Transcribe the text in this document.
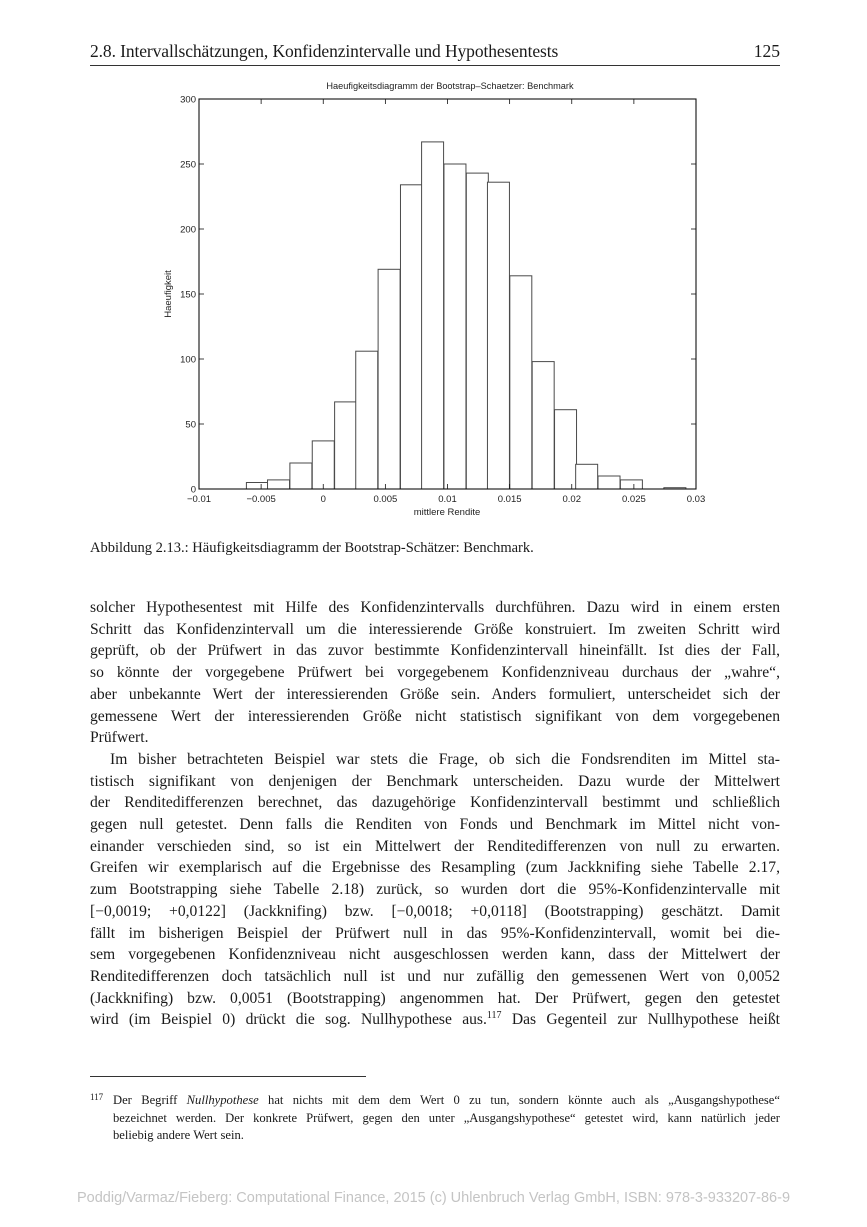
2.8. Intervallschätzungen, Konfidenzintervalle und Hypothesentests	125
Haeufigkeitsdiagramm der Bootstrap–Schaetzer: Benchmark
−0.01	−0.005	0	0.005	0.01	0.015	0.02	0.025	0.03
0
50
100
150
200
250
300
mittlere Rendite
Haeufigkeit
Abbildung 2.13.: Häufigkeitsdiagramm der Bootstrap-Schätzer: Benchmark.

solcher Hypothesentest mit Hilfe des Konfidenzintervalls durchführen. Dazu wird in einem ersten
Schritt das Konfidenzintervall um die interessierende Größe konstruiert. Im zweiten Schritt wird
geprüft, ob der Prüfwert in das zuvor bestimmte Konfidenzintervall hineinfällt. Ist dies der Fall,
so könnte der vorgegebene Prüfwert bei vorgegebenem Konfidenzniveau durchaus der „wahre“,
aber unbekannte Wert der interessierenden Größe sein. Anders formuliert, unterscheidet sich der
gemessene Wert der interessierenden Größe nicht statistisch signifikant von dem vorgegebenen
Prüfwert.

Im bisher betrachteten Beispiel war stets die Frage, ob sich die Fondsrenditen im Mittel sta-
tistisch signifikant von denjenigen der Benchmark unterscheiden. Dazu wurde der Mittelwert
der Renditedifferenzen berechnet, das dazugehörige Konfidenzintervall bestimmt und schließlich
gegen null getestet. Denn falls die Renditen von Fonds und Benchmark im Mittel nicht von-
einander verschieden sind, so ist ein Mittelwert der Renditedifferenzen von null zu erwarten.
Greifen wir exemplarisch auf die Ergebnisse des Resampling (zum Jackknifing siehe Tabelle 2.17,
zum Bootstrapping siehe Tabelle 2.18) zurück, so wurden dort die 95%-Konfidenzintervalle mit
[−0,0019; +0,0122] (Jackknifing) bzw. [−0,0018; +0,0118] (Bootstrapping) geschätzt. Damit
fällt im bisherigen Beispiel der Prüfwert null in das 95%-Konfidenzintervall, womit bei die-
sem vorgegebenen Konfidenzniveau nicht ausgeschlossen werden kann, dass der Mittelwert der
Renditedifferenzen doch tatsächlich null ist und nur zufällig den gemessenen Wert von 0,0052
(Jackknifing) bzw. 0,0051 (Bootstrapping) angenommen hat. Der Prüfwert, gegen den getestet
wird (im Beispiel 0) drückt die sog. Nullhypothese aus.$^{117}$ Das Gegenteil zur Nullhypothese heißt

117 Der Begriff Nullhypothese hat nichts mit dem dem Wert 0 zu tun, sondern könnte auch als „Ausgangshypothese“
bezeichnet werden. Der konkrete Prüfwert, gegen den unter „Ausgangshypothese“ getestet wird, kann natürlich jeder
beliebig andere Wert sein.
Poddig/Varmaz/Fieberg: Computational Finance, 2015 (c) Uhlenbruch Verlag GmbH, ISBN: 978-3-933207-86-9
